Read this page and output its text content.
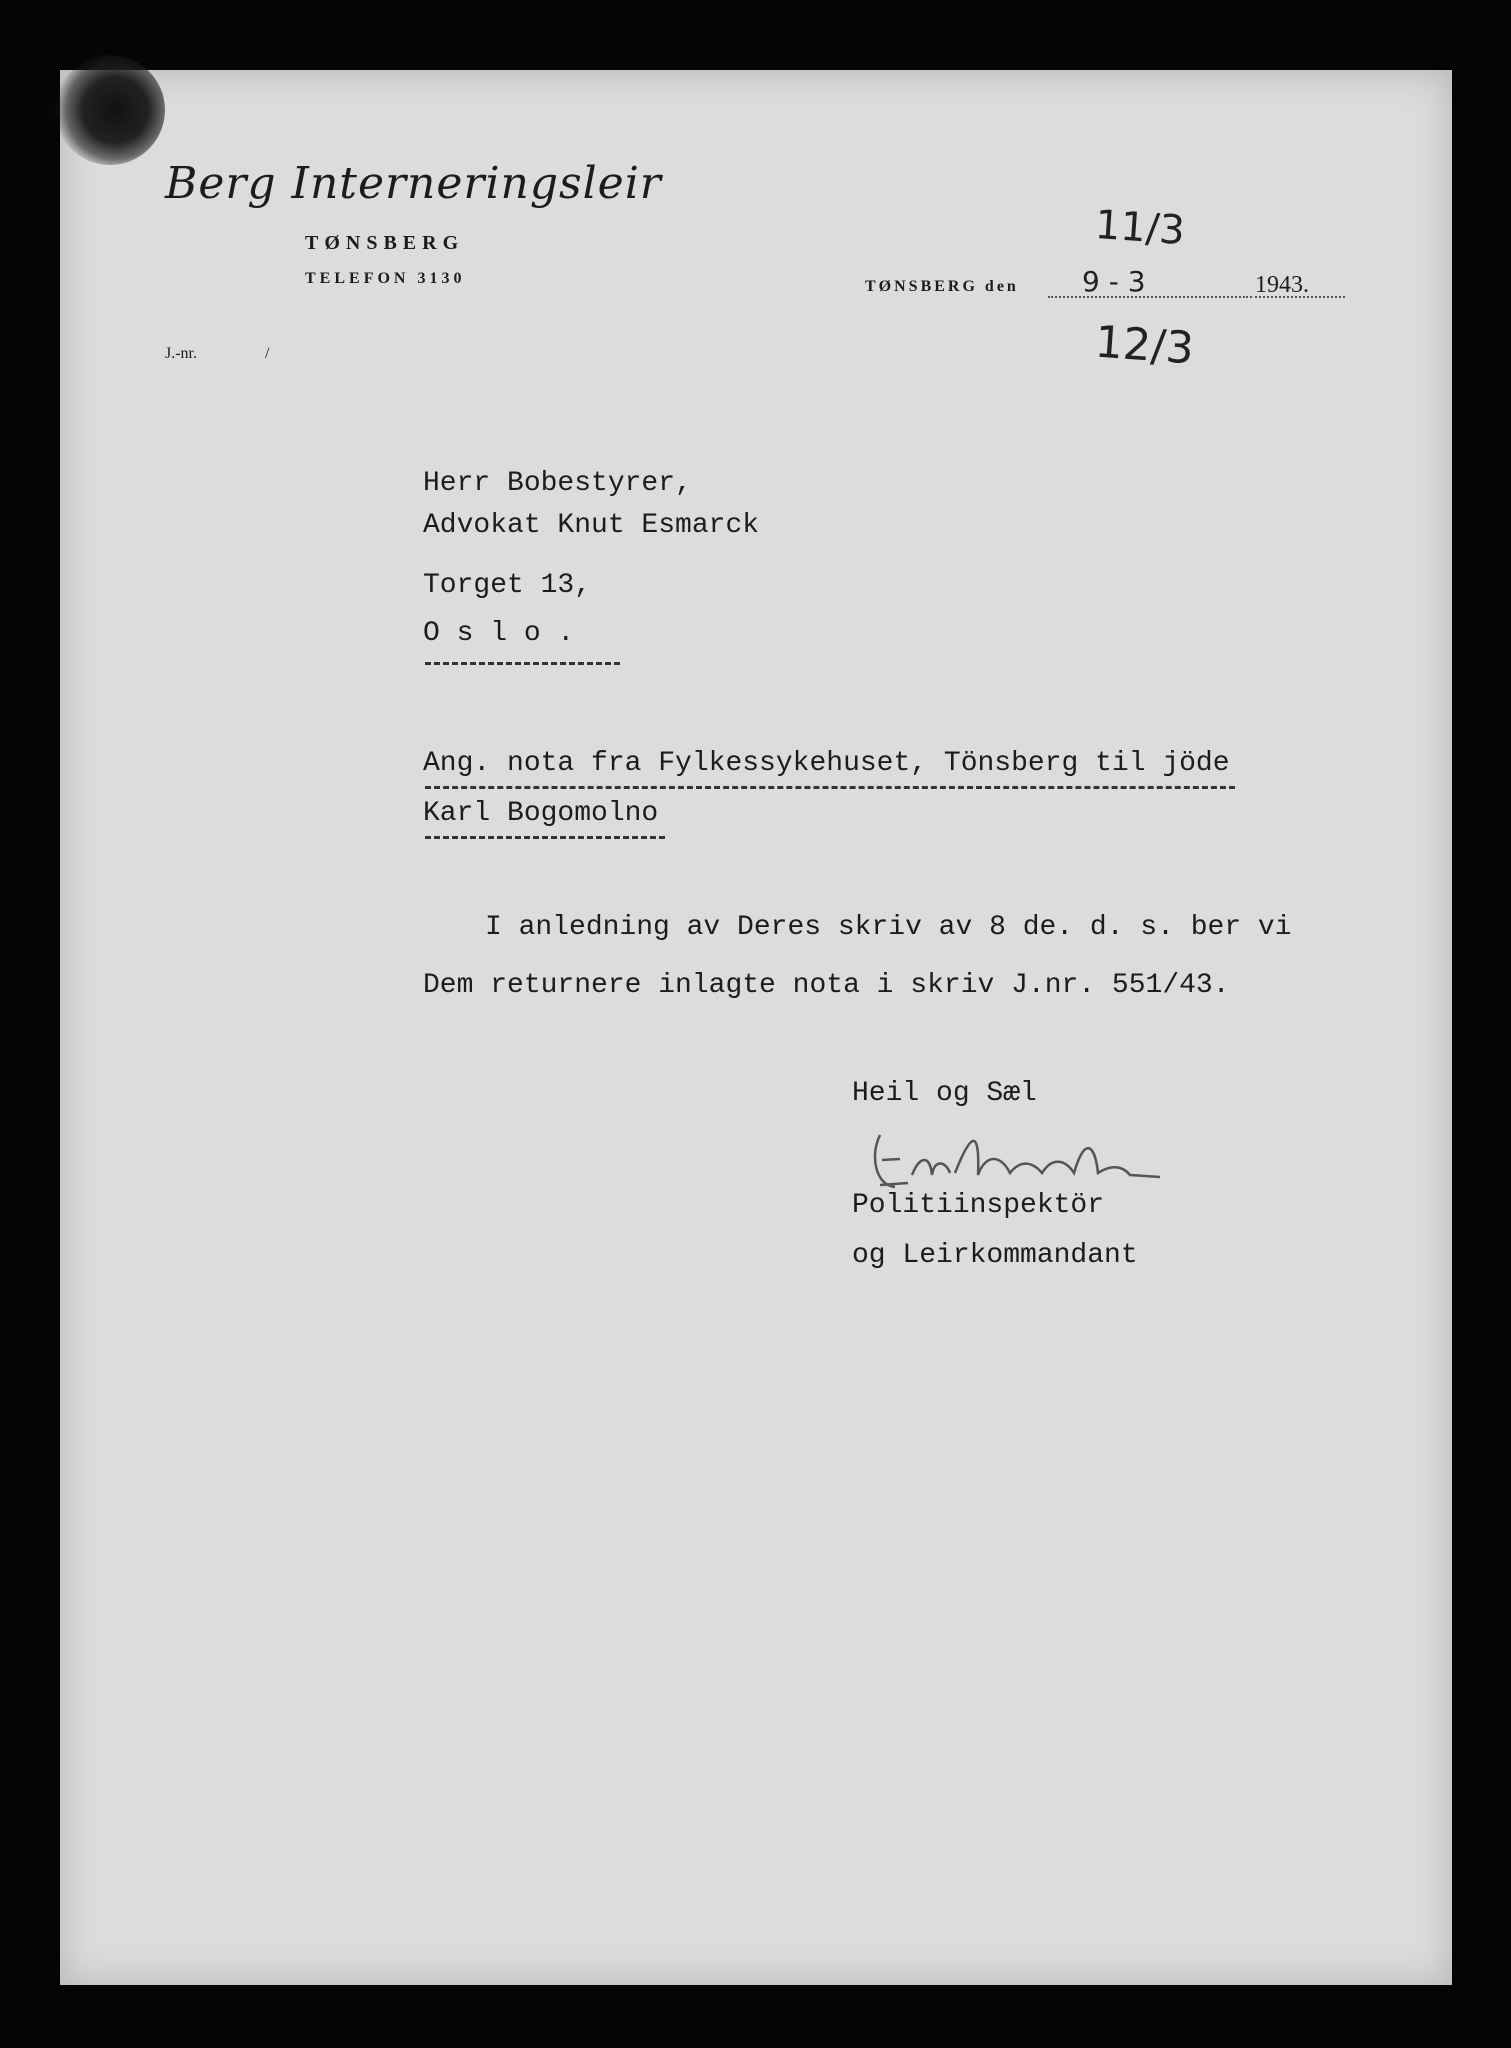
Berg Interneringsleir
TØNSBERG
TELEFON 3130
J.-nr.	/
11/3
12/3
TØNSBERG den 9 - 3	1943.
Herr Bobestyrer,
Advokat Knut Esmarck
Torget 13,
O s l o .
Ang. nota fra Fylkessykehuset, Tönsberg til jöde
Karl Bogomolno
I anledning av Deres skriv av 8 de. d. s. ber vi
Dem returnere inlagte nota i skriv J.nr. 551/43.
Heil og Sæl
Politiinspektör
og Leirkommandant
